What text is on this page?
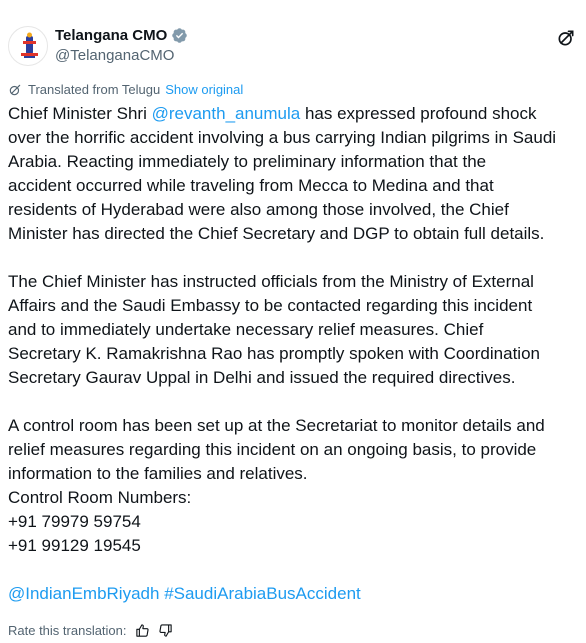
Telangana CMO
@TelanganaCMO
Translated from Telugu Show original
Chief Minister Shri @revanth_anumula has expressed profound shock
over the horrific accident involving a bus carrying Indian pilgrims in Saudi
Arabia. Reacting immediately to preliminary information that the
accident occurred while traveling from Mecca to Medina and that
residents of Hyderabad were also among those involved, the Chief
Minister has directed the Chief Secretary and DGP to obtain full details.
The Chief Minister has instructed officials from the Ministry of External
Affairs and the Saudi Embassy to be contacted regarding this incident
and to immediately undertake necessary relief measures. Chief
Secretary K. Ramakrishna Rao has promptly spoken with Coordination
Secretary Gaurav Uppal in Delhi and issued the required directives.
A control room has been set up at the Secretariat to monitor details and
relief measures regarding this incident on an ongoing basis, to provide
information to the families and relatives.
Control Room Numbers:
+91 79979 59754
+91 99129 19545
@IndianEmbRiyadh #SaudiArabiaBusAccident
Rate this translation:
